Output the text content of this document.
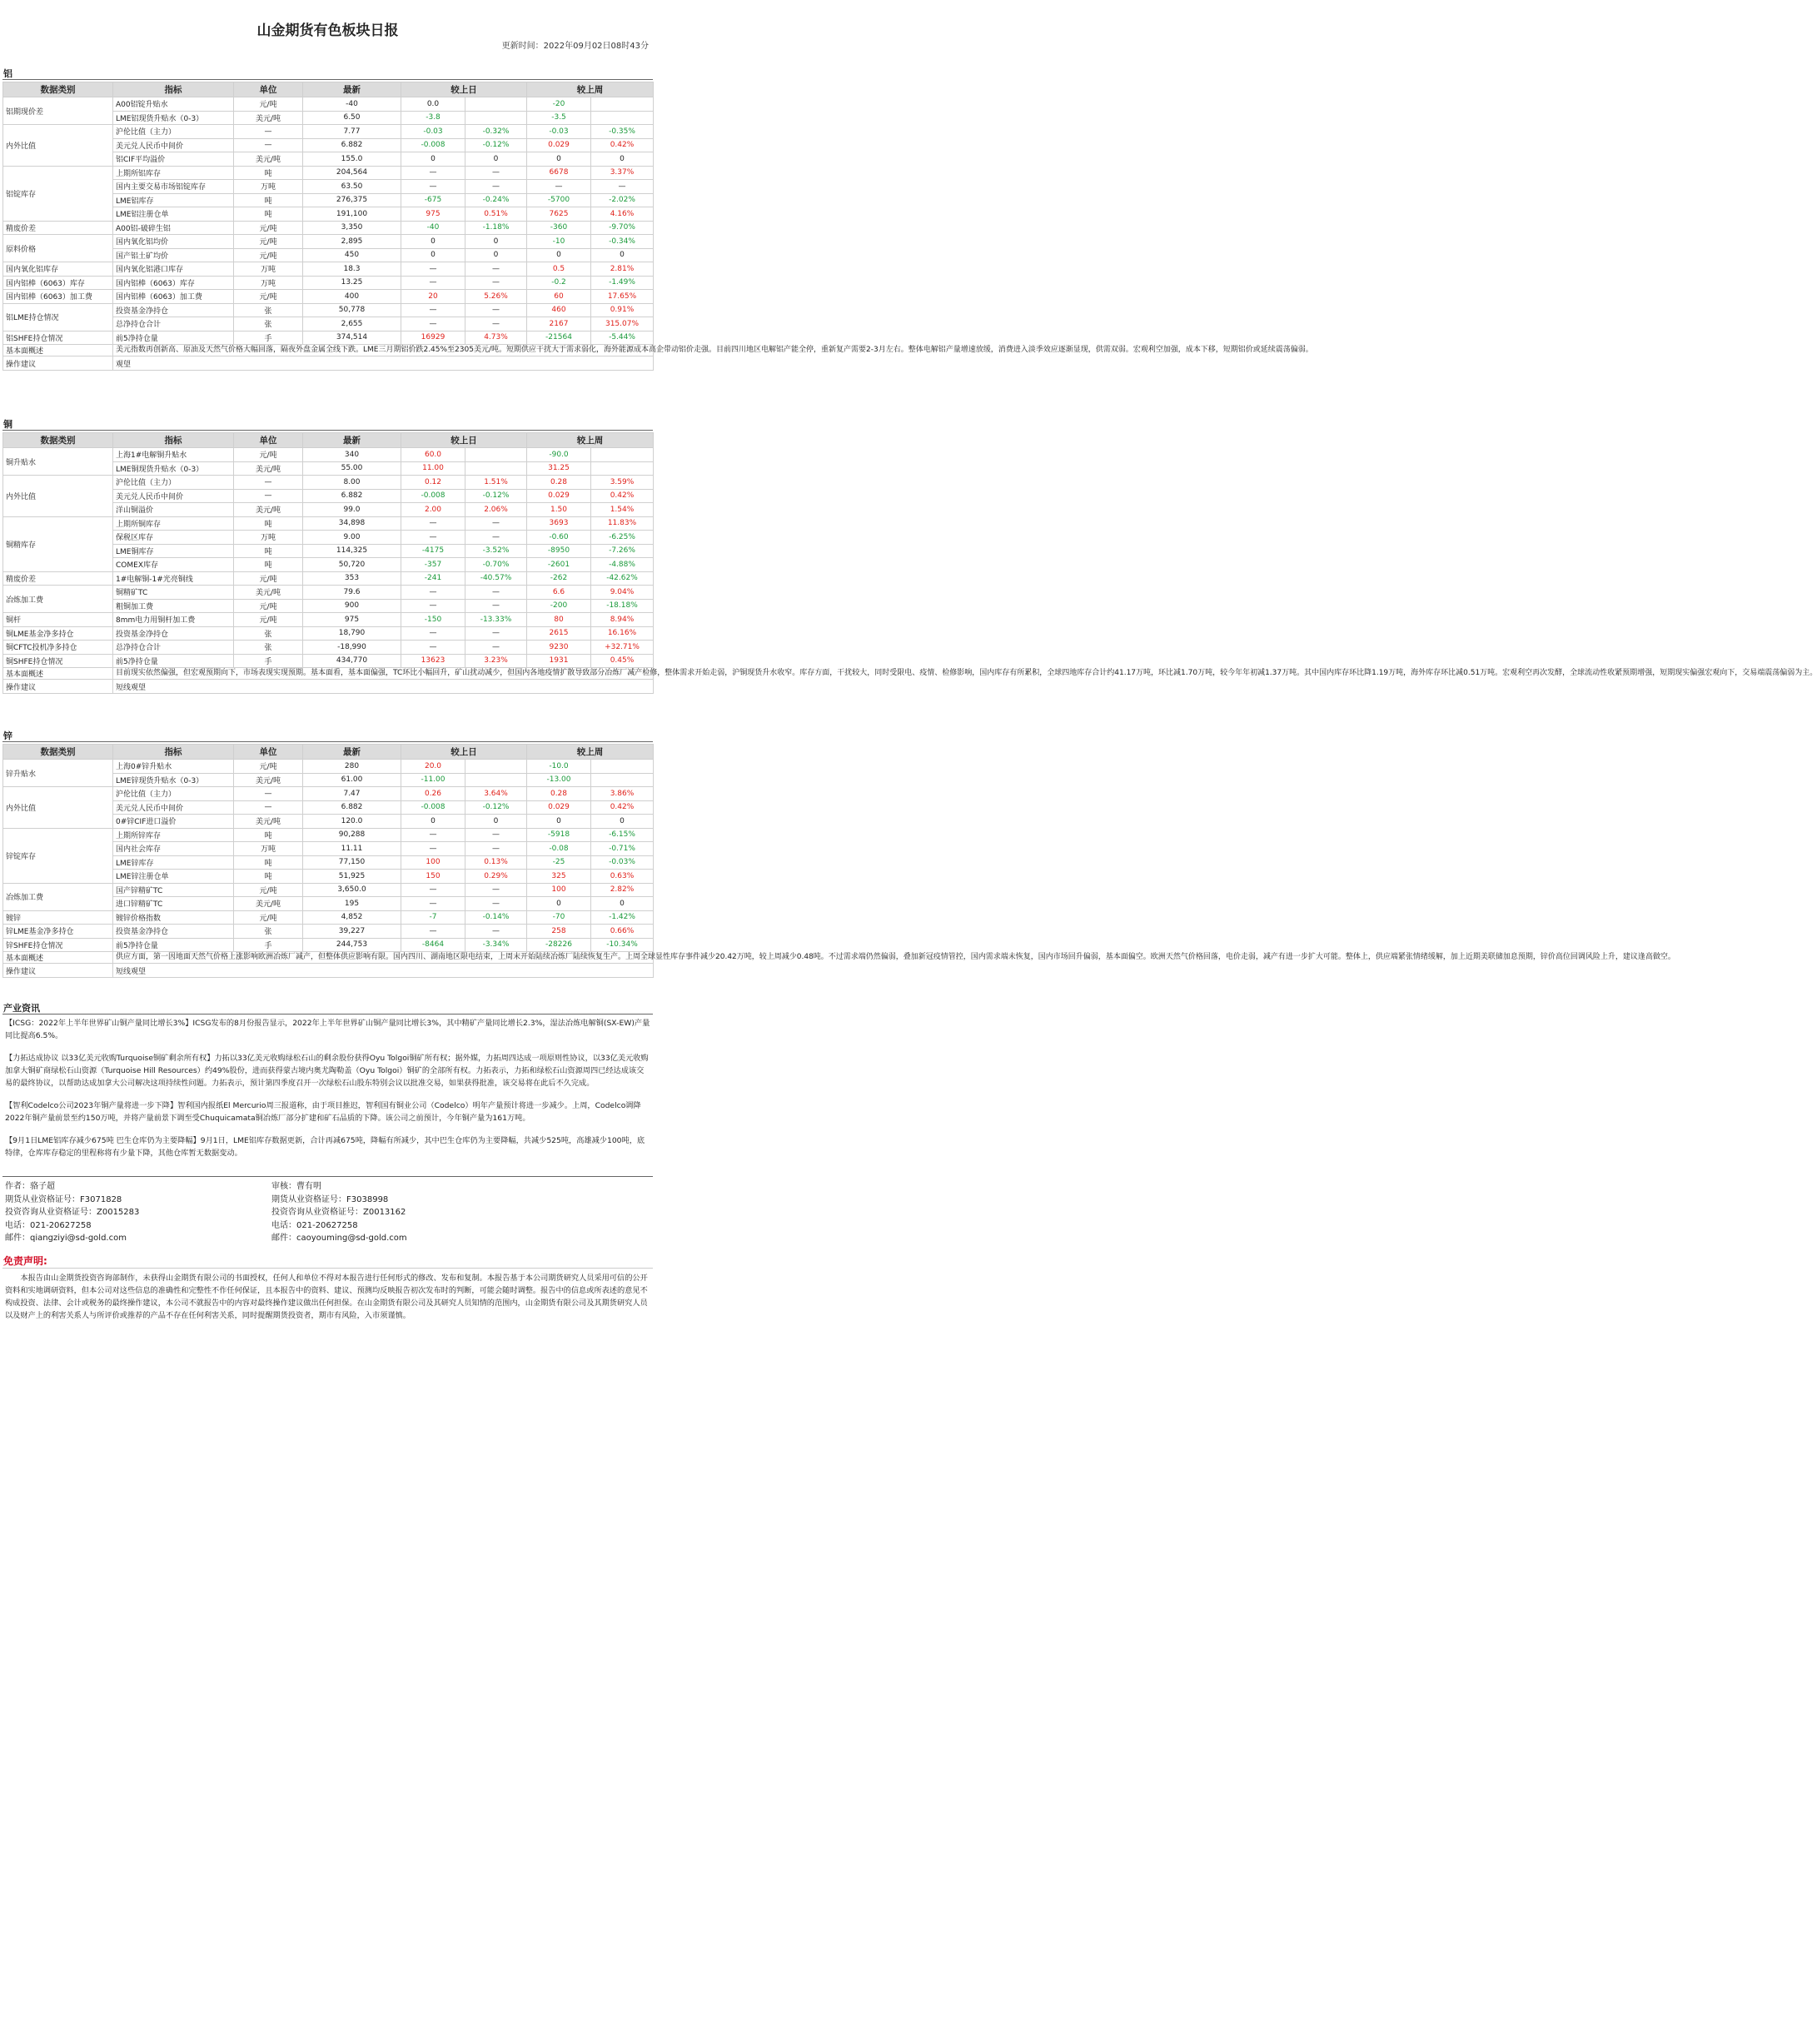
山金期货有色板块日报
更新时间：2022年09月02日08时43分
铝
数据类别	指标	单位	最新	较上日		较上周	
铝期现价差	A00铝锭升贴水	元/吨	-40	0.0		-20	
	LME铝现货升贴水（0-3）	美元/吨	6.50	-3.8		-3.5	
内外比值	沪伦比值（主力）	—	7.77	-0.03	-0.32%	-0.03	-0.35%
	美元兑人民币中间价	—	6.882	-0.008	-0.12%	0.029	0.42%
	铝CIF平均溢价	美元/吨	155.0	0	0	0	0
铝锭库存	上期所铝库存	吨	204,564	—	—	6678	3.37%
	国内主要交易市场铝锭库存	万吨	63.50	—	—	—	—
	LME铝库存	吨	276,375	-675	-0.24%	-5700	-2.02%
	LME铝注册仓单	吨	191,100	975	0.51%	7625	4.16%
精废价差	A00铝-破碎生铝	元/吨	3,350	-40	-1.18%	-360	-9.70%
原料价格	国内氧化铝均价	元/吨	2,895	0	0	-10	-0.34%
	国产铝土矿均价	元/吨	450	0	0	0	0
国内氧化铝库存	国内氧化铝港口库存	万吨	18.3	—	—	0.5	2.81%
国内铝棒（6063）库存	国内铝棒（6063）库存	万吨	13.25	—	—	-0.2	-1.49%
国内铝棒（6063）加工费	国内铝棒（6063）加工费	元/吨	400	20	5.26%	60	17.65%
铝LME持仓情况	投资基金净持仓	张	50,778	—	—	460	0.91%
	总净持仓合计	张	2,655	—	—	2167	315.07%
铝SHFE持仓情况	前5净持仓量	手	374,514	16929	4.73%	-21564	-5.44%
基本面概述	美元指数再创新高、原油及天然气价格大幅回落，隔夜外盘金属全线下跌。LME三月期铝价跌2.45%至2305美元/吨。短期供应干扰大于需求弱化，海外能源成本高企带动铝价走强。目前四川地区电解铝产能全停，重新复产需要2-3月左右。整体电解铝产量增速放缓，消费进入淡季效应逐渐显现，供需双弱。宏观利空加强，成本下移，短期铝价或延续震荡偏弱。						
操作建议	观望						
铜
数据类别	指标	单位	最新	较上日		较上周	
铜升贴水	上海1#电解铜升贴水	元/吨	340	60.0		-90.0	
	LME铜现货升贴水（0-3）	美元/吨	55.00	11.00		31.25	
内外比值	沪伦比值（主力）	—	8.00	0.12	1.51%	0.28	3.59%
	美元兑人民币中间价	—	6.882	-0.008	-0.12%	0.029	0.42%
	洋山铜溢价	美元/吨	99.0	2.00	2.06%	1.50	1.54%
铜精库存	上期所铜库存	吨	34,898	—	—	3693	11.83%
	保税区库存	万吨	9.00	—	—	-0.60	-6.25%
	LME铜库存	吨	114,325	-4175	-3.52%	-8950	-7.26%
	COMEX库存	吨	50,720	-357	-0.70%	-2601	-4.88%
精废价差	1#电解铜-1#光亮铜线	元/吨	353	-241	-40.57%	-262	-42.62%
冶炼加工费	铜精矿TC	美元/吨	79.6	—	—	6.6	9.04%
	粗铜加工费	元/吨	900	—	—	-200	-18.18%
铜杆	8mm电力用铜杆加工费	元/吨	975	-150	-13.33%	80	8.94%
铜LME基金净多持仓	投资基金净持仓	张	18,790	—	—	2615	16.16%
铜CFTC投机净多持仓	总净持仓合计	张	-18,990	—	—	9230	+32.71%
铜SHFE持仓情况	前5净持仓量	手	434,770	13623	3.23%	1931	0.45%
基本面概述	目前现实依然偏强，但宏观预期向下，市场表现实现预期。基本面看，基本面偏强，TC环比小幅回升，矿山扰动减少，但国内各地疫情扩散导致部分冶炼厂减产检修，整体需求开始走弱，沪铜现货升水收窄。库存方面，干扰较大，同时受限电、疫情、检修影响，国内库存有所累积，全球四地库存合计约41.17万吨，环比减1.70万吨，较今年年初减1.37万吨。其中国内库存环比降1.19万吨，海外库存环比减0.51万吨。宏观利空再次发酵，全球流动性收紧预期增强，短期现实偏强宏观向下，交易端震荡偏弱为主。						
操作建议	短线观望						
锌
数据类别	指标	单位	最新	较上日		较上周	
锌升贴水	上海0#锌升贴水	元/吨	280	20.0		-10.0	
	LME锌现货升贴水（0-3）	美元/吨	61.00	-11.00		-13.00	
内外比值	沪伦比值（主力）	—	7.47	0.26	3.64%	0.28	3.86%
	美元兑人民币中间价	—	6.882	-0.008	-0.12%	0.029	0.42%
	0#锌CIF进口溢价	美元/吨	120.0	0	0	0	0
锌锭库存	上期所锌库存	吨	90,288	—	—	-5918	-6.15%
	国内社会库存	万吨	11.11	—	—	-0.08	-0.71%
	LME锌库存	吨	77,150	100	0.13%	-25	-0.03%
	LME锌注册仓单	吨	51,925	150	0.29%	325	0.63%
冶炼加工费	国产锌精矿TC	元/吨	3,650.0	—	—	100	2.82%
	进口锌精矿TC	美元/吨	195	—	—	0	0
镀锌	镀锌价格指数	元/吨	4,852	-7	-0.14%	-70	-1.42%
锌LME基金净多持仓	投资基金净持仓	张	39,227	—	—	258	0.66%
锌SHFE持仓情况	前5净持仓量	手	244,753	-8464	-3.34%	-28226	-10.34%
基本面概述	供应方面，第一因地面天然气价格上涨影响欧洲冶炼厂减产，但整体供应影响有限。国内四川、湖南地区限电结束，上周末开始陆续冶炼厂陆续恢复生产。上周全球显性库存事件减少20.42万吨，较上周减少0.48吨。不过需求端仍然偏弱，叠加新冠疫情管控，国内需求端未恢复，国内市场回升偏弱，基本面偏空。欧洲天然气价格回落，电价走弱，减产有进一步扩大可能。整体上，供应端紧张情绪缓解，加上近期美联储加息预期，锌价高位回调风险上升，建议逢高做空。						
操作建议	短线观望						
产业资讯

【ICSG：2022年上半年世界矿山铜产量同比增长3%】ICSG发布的8月份报告显示，2022年上半年世界矿山铜产量同比增长3%，其中精矿产量同比增长2.3%，湿法冶炼电解铜(SX-EW)产量同比提高6.5%。

【力拓达成协议 以33亿美元收购Turquoise铜矿剩余所有权】力拓以33亿美元收购绿松石山的剩余股份获得Oyu Tolgoi铜矿所有权；据外媒，力拓周四达成一项原则性协议，以33亿美元收购加拿大铜矿商绿松石山资源（Turquoise Hill Resources）约49%股份，进而获得蒙古境内奥尤陶勒盖（Oyu Tolgoi）铜矿的全部所有权。力拓表示，力拓和绿松石山资源周四已经达成该交易的最终协议，以帮助达成加拿大公司解决这项持续性问题。力拓表示，预计第四季度召开一次绿松石山股东特别会议以批准交易，如果获得批准，该交易将在此后不久完成。

【智利Codelco公司2023年铜产量将进一步下降】智利国内报纸El Mercurio周三报道称，由于项目推迟，智利国有铜业公司（Codelco）明年产量预计将进一步减少。上周，Codelco调降2022年铜产量前景至约150万吨，并将产量前景下调至受Chuquicamata铜冶炼厂部分扩建和矿石品质的下降。该公司之前预计，今年铜产量为161万吨。

【9月1日LME铝库存减少675吨 巴生仓库仍为主要降幅】9月1日，LME铝库存数据更新，合计再减675吨，降幅有所减少，其中巴生仓库仍为主要降幅，共减少525吨，高雄减少100吨，底特律，仓库库存稳定的里程称将有少量下降，其他仓库暂无数据变动。

作者：骆子超
期货从业资格证号：F3071828
投资咨询从业资格证号：Z0015283
电话：021-20627258
邮件：qiangziyi@sd-gold.com
审核：曹有明
期货从业资格证号：F3038998
投资咨询从业资格证号：Z0013162
电话：021-20627258
邮件：caoyouming@sd-gold.com
免责声明:
本报告由山金期货投资咨询部制作，未获得山金期货有限公司的书面授权，任何人和单位不得对本报告进行任何形式的修改、发布和复制。本报告基于本公司期货研究人员采用可信的公开资料和实地调研资料，但本公司对这些信息的准确性和完整性不作任何保证，且本报告中的资料、建议、预测均反映报告初次发布时的判断，可能会随时调整。报告中的信息或所表述的意见不构成投资、法律、会计或税务的最终操作建议，本公司不就报告中的内容对最终操作建议做出任何担保。在山金期货有限公司及其研究人员知情的范围内，山金期货有限公司及其期货研究人员以及财产上的利害关系人与所评价或推荐的产品不存在任何利害关系，同时提醒期货投资者，期市有风险，入市须谨慎。
